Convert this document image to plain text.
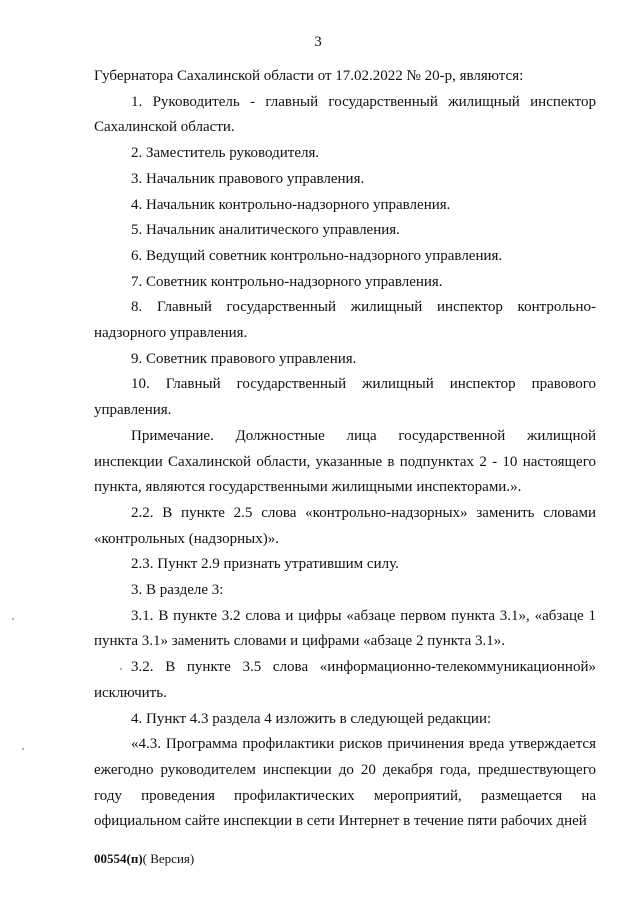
3

Губернатора Сахалинской области от 17.02.2022 № 20-р, являются:

1. Руководитель - главный государственный жилищный инспектор Сахалинской области.

2. Заместитель руководителя.

3. Начальник правового управления.

4. Начальник контрольно-надзорного управления.

5. Начальник аналитического управления.

6. Ведущий советник контрольно-надзорного управления.

7. Советник контрольно-надзорного управления.

8. Главный государственный жилищный инспектор контрольно-надзорного управления.

9. Советник правового управления.

10. Главный государственный жилищный инспектор правового управления.

Примечание. Должностные лица государственной жилищной инспекции Сахалинской области, указанные в подпунктах 2 - 10 настоящего пункта, являются государственными жилищными инспекторами.».

2.2. В пункте 2.5 слова «контрольно-надзорных» заменить словами «контрольных (надзорных)».

2.3. Пункт 2.9 признать утратившим силу.

3. В разделе 3:

3.1. В пункте 3.2 слова и цифры «абзаце первом пункта 3.1», «абзаце 1 пункта 3.1» заменить словами и цифрами «абзаце 2 пункта 3.1».

3.2. В пункте 3.5 слова «информационно-телекоммуникационной» исключить.

4. Пункт 4.3 раздела 4 изложить в следующей редакции:

«4.3. Программа профилактики рисков причинения вреда утверждается ежегодно руководителем инспекции до 20 декабря года, предшествующего году проведения профилактических мероприятий, размещается на официальном сайте инспекции в сети Интернет в течение пяти рабочих дней

00554(п)( Версия)
